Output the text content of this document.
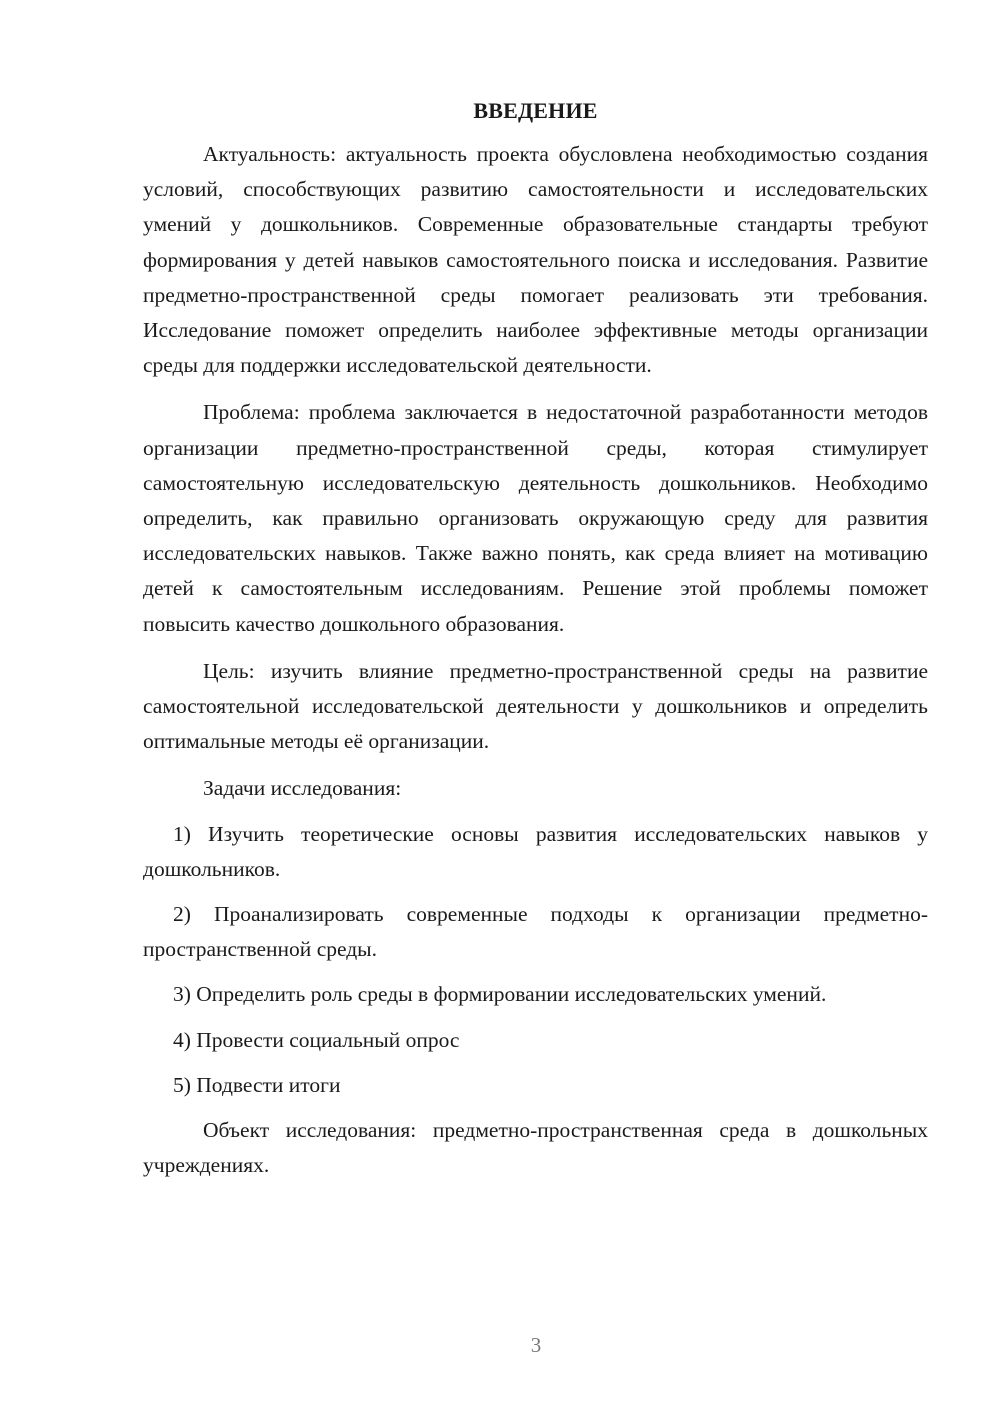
ВВЕДЕНИЕ

Актуальность: актуальность проекта обусловлена необходимостью создания условий, способствующих развитию самостоятельности и исследовательских умений у дошкольников. Современные образовательные стандарты требуют формирования у детей навыков самостоятельного поиска и исследования. Развитие предметно-пространственной среды помогает реализовать эти требования. Исследование поможет определить наиболее эффективные методы организации среды для поддержки исследовательской деятельности.

Проблема: проблема заключается в недостаточной разработанности методов организации предметно-пространственной среды, которая стимулирует самостоятельную исследовательскую деятельность дошкольников. Необходимо определить, как правильно организовать окружающую среду для развития исследовательских навыков. Также важно понять, как среда влияет на мотивацию детей к самостоятельным исследованиям. Решение этой проблемы поможет повысить качество дошкольного образования.

Цель: изучить влияние предметно-пространственной среды на развитие самостоятельной исследовательской деятельности у дошкольников и определить оптимальные методы её организации.

Задачи исследования:

1) Изучить теоретические основы развития исследовательских навыков у дошкольников.

2) Проанализировать современные подходы к организации предметно-пространственной среды.

3) Определить роль среды в формировании исследовательских умений.

4) Провести социальный опрос

5) Подвести итоги

Объект исследования: предметно-пространственная среда в дошкольных учреждениях.

3
